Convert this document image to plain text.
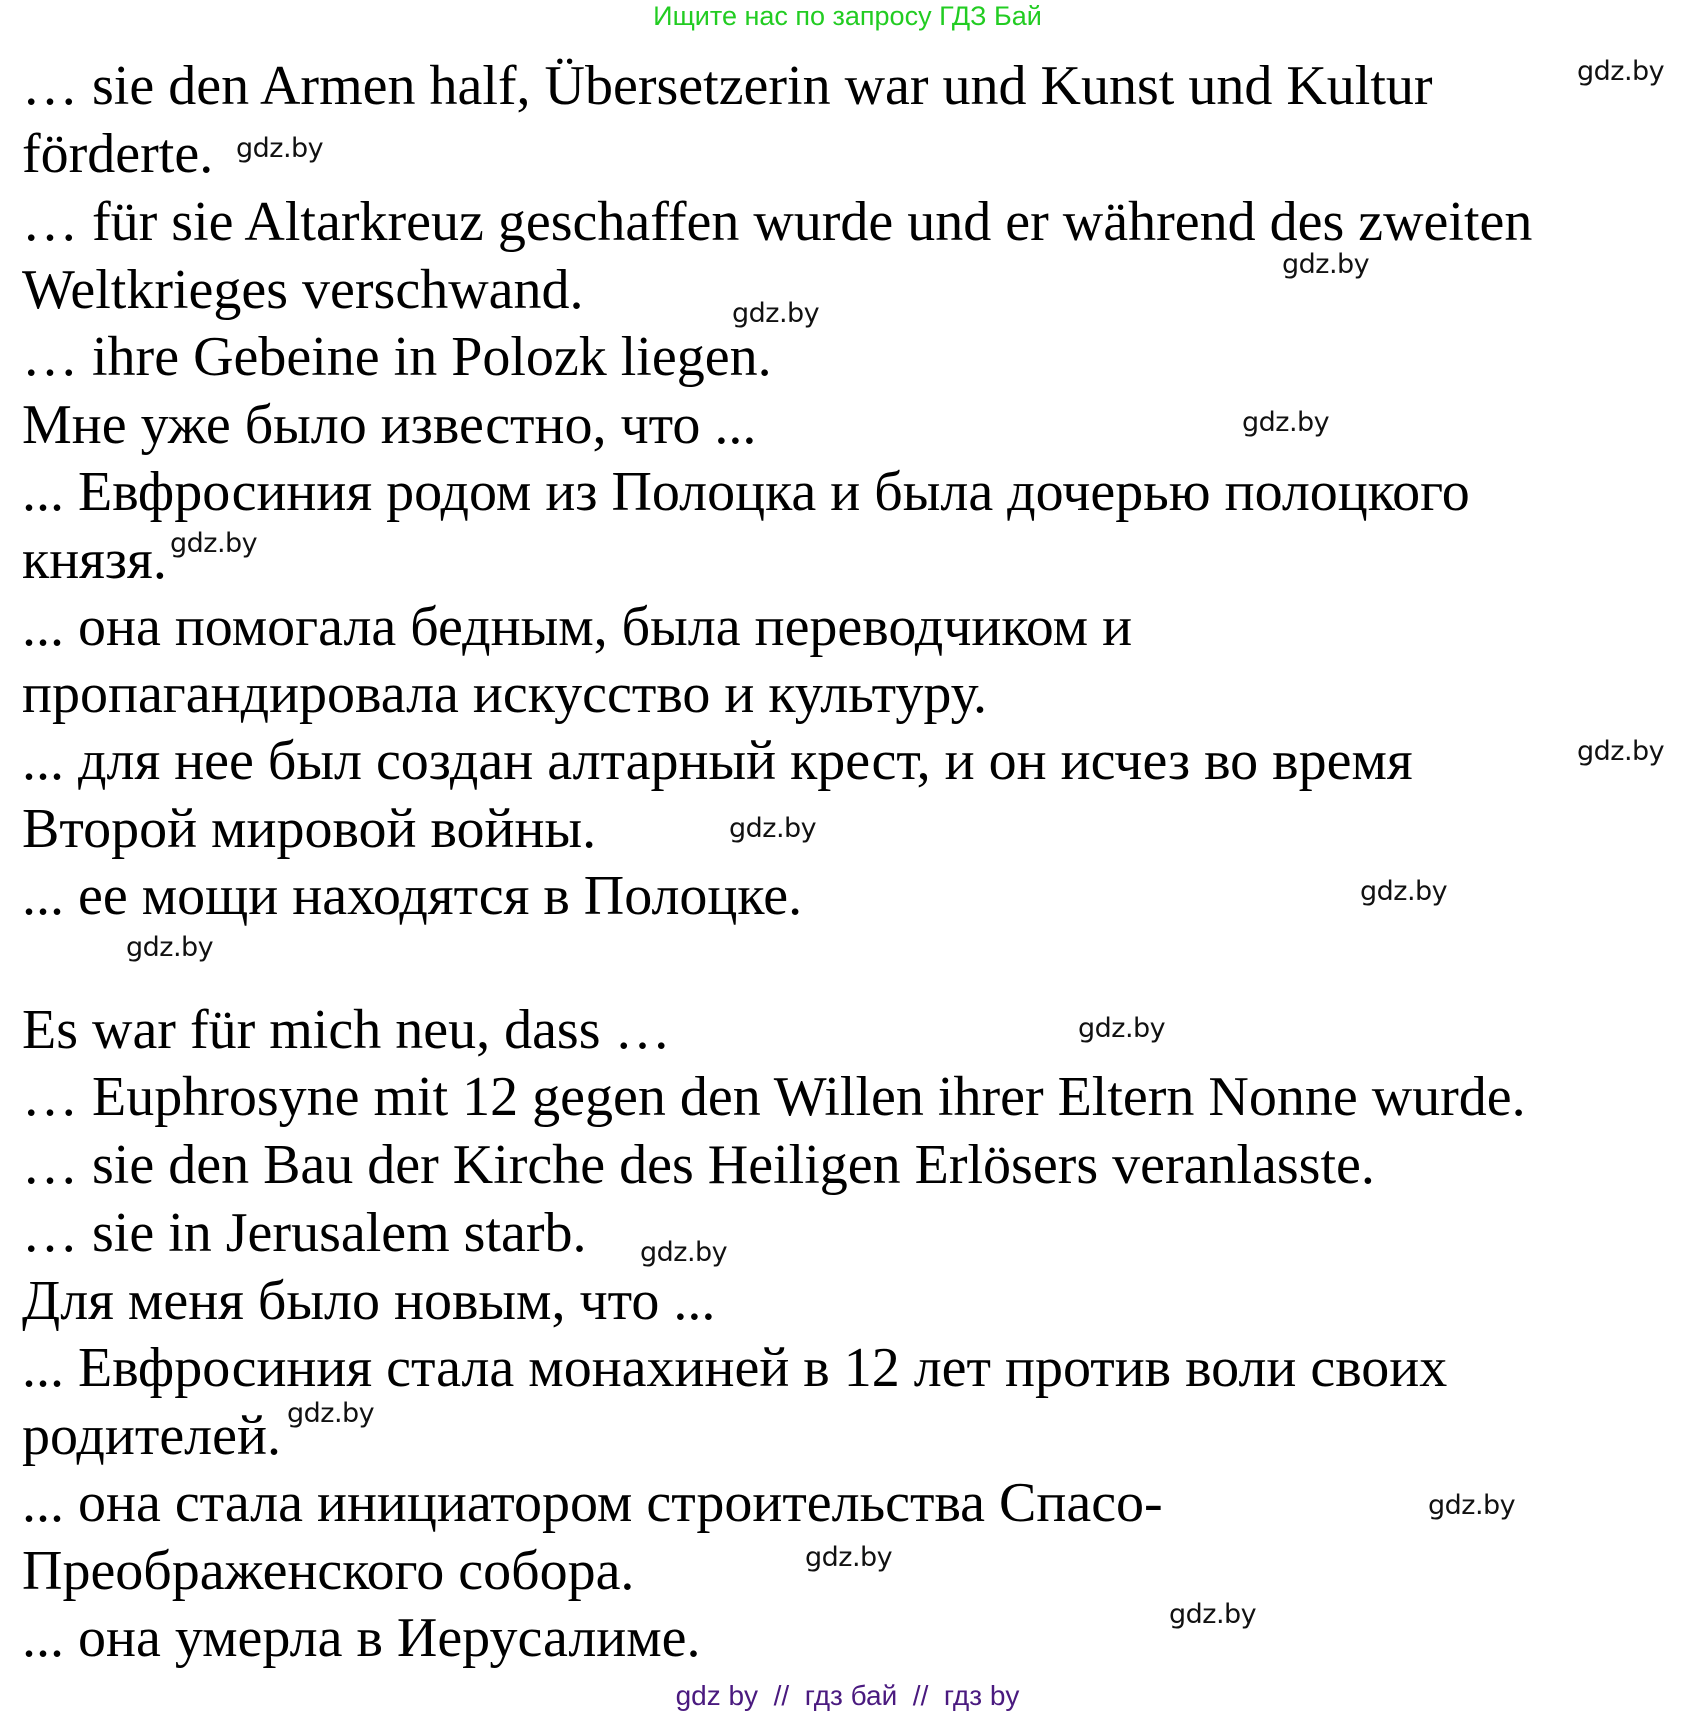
Ищите нас по запросу ГДЗ Бай
… sie den Armen half, Übersetzerin war und Kunst und Kultur
förderte.
… für sie Altarkreuz geschaffen wurde und er während des zweiten
Weltkrieges verschwand.
… ihre Gebeine in Polozk liegen.
Мне уже было известно, что ...
... Евфросиния родом из Полоцка и была дочерью полоцкого
князя.
... она помогала бедным, была переводчиком и
пропагандировала искусство и культуру.
... для нее был создан алтарный крест, и он исчез во время
Второй мировой войны.
... ее мощи находятся в Полоцке.
Es war für mich neu, dass …
… Euphrosyne mit 12 gegen den Willen ihrer Eltern Nonne wurde.
… sie den Bau der Kirche des Heiligen Erlösers veranlasste.
… sie in Jerusalem starb.
Для меня было новым, что ...
... Евфросиния стала монахиней в 12 лет против воли своих
родителей.
... она стала инициатором строительства Спасо-
Преображенского собора.
... она умерла в Иерусалиме.
gdz.by
gdz.by
gdz.by
gdz.by
gdz.by
gdz.by
gdz.by
gdz.by
gdz.by
gdz.by
gdz.by
gdz.by
gdz.by
gdz.by
gdz.by
gdz.by
gdz by  //  гдз бай  //  гдз by
